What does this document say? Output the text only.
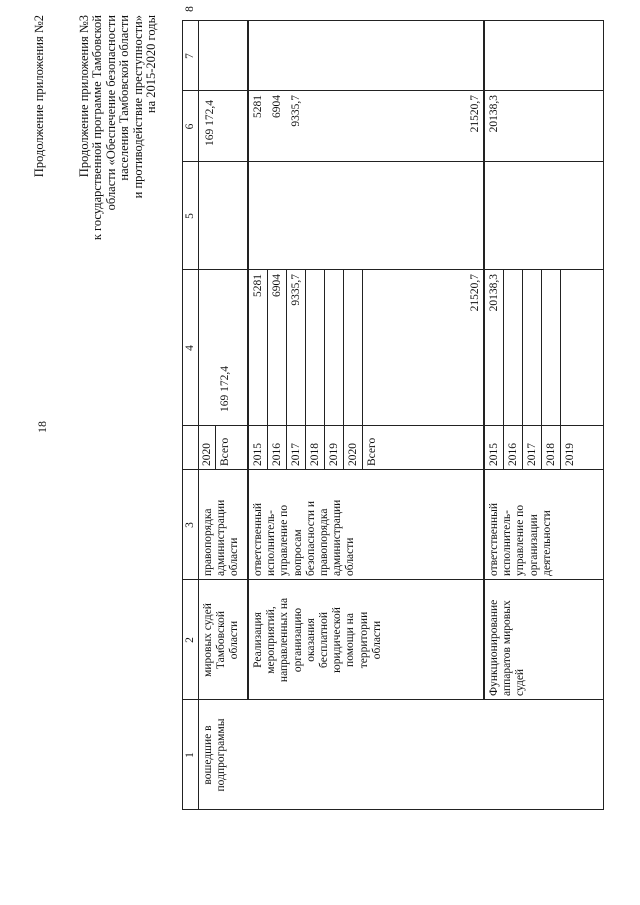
18
Продолжение приложения №2 Продолжение приложения №3 к государственной программе Тамбовской области «Обеспечение безопасности населения Тамбовской области и противодействие преступности» на 2015-2020 годы
1
2
3
4
5
6
7
8
вошедшие в подпрограммы
мировых судей Тамбовской области
правопорядка администрации области
2020 Всего
169 172,4
169 172,4
Реализация мероприятий, направленных на организацию оказания бесплатной юридической помощи на территории области
ответственный исполнитель- управление по вопросам безопасности и правопорядка администрации области
2015 2016 2017 2018 2019 2020 Всего
5281 6904 9335,7
5281 6904 9335,7
21520,7
21520,7
Функционирование аппаратов мировых судей
ответственный исполнитель- управление по организации деятельности
2015 2016 2017 2018 2019
20138,3
20138,3
